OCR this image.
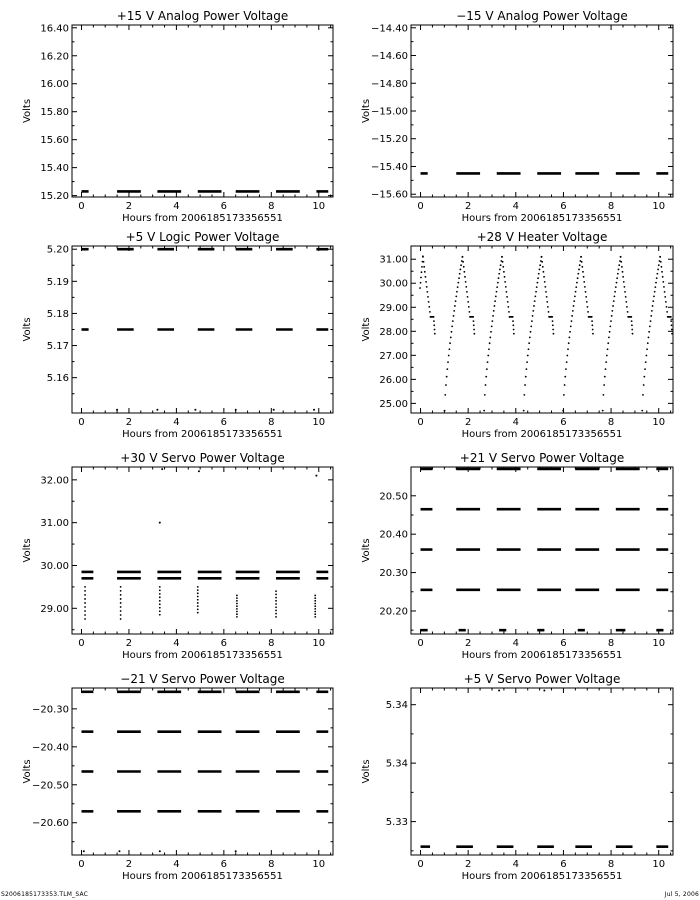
+15 V Analog Power Voltage
Hours from 2006185173356551
Volts
0	2	4	6	8	10
15.20
15.40
15.60
15.80
16.00
16.20
16.40
−15 V Analog Power Voltage
Hours from 2006185173356551
Volts
0	2	4	6	8	10
−15.60
−15.40
−15.20
−15.00
−14.80
−14.60
−14.40
+5 V Logic Power Voltage
Hours from 2006185173356551
Volts
0	2	4	6	8	10
5.16
5.17
5.18
5.19
5.20
+28 V Heater Voltage
Hours from 2006185173356551
Volts
0	2	4	6	8	10
25.00
26.00
27.00
28.00
29.00
30.00
31.00
+30 V Servo Power Voltage
Hours from 2006185173356551
Volts
0	2	4	6	8	10
29.00
30.00
31.00
32.00
+21 V Servo Power Voltage
Hours from 2006185173356551
Volts
0	2	4	6	8	10
20.20
20.30
20.40
20.50
−21 V Servo Power Voltage
Hours from 2006185173356551
Volts
0	2	4	6	8	10
−20.60
−20.50
−20.40
−20.30
+5 V Servo Power Voltage
Hours from 2006185173356551
Volts
0	2	4	6	8	10
5.33
5.34
5.34
S2006185173353.TLM_SAC	Jul 5, 2006
